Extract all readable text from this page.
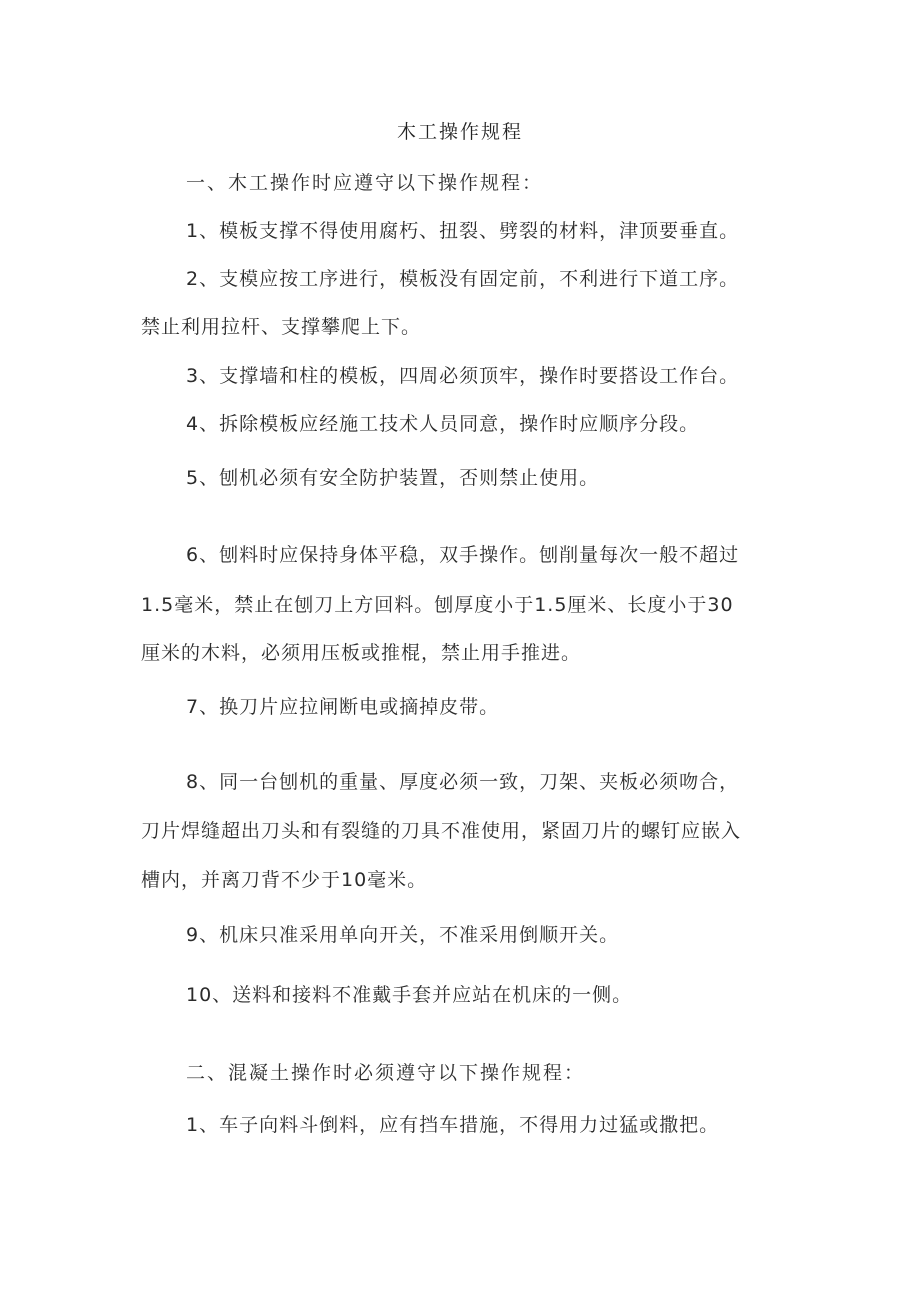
木工操作规程
一、木工操作时应遵守以下操作规程：
1、模板支撑不得使用腐朽、扭裂、劈裂的材料，津顶要垂直。
2、支模应按工序进行，模板没有固定前，不利进行下道工序。
禁止利用拉杆、支撑攀爬上下。
3、支撑墙和柱的模板，四周必须顶牢，操作时要搭设工作台。
4、拆除模板应经施工技术人员同意，操作时应顺序分段。
5、刨机必须有安全防护装置，否则禁止使用。
6、刨料时应保持身体平稳，双手操作。刨削量每次一般不超过
1.5毫米，禁止在刨刀上方回料。刨厚度小于1.5厘米、长度小于30
厘米的木料，必须用压板或推棍，禁止用手推进。
7、换刀片应拉闸断电或摘掉皮带。
8、同一台刨机的重量、厚度必须一致，刀架、夹板必须吻合，
刀片焊缝超出刀头和有裂缝的刀具不准使用，紧固刀片的螺钉应嵌入
槽内，并离刀背不少于10毫米。
9、机床只准采用单向开关，不准采用倒顺开关。
10、送料和接料不准戴手套并应站在机床的一侧。
二、混凝土操作时必须遵守以下操作规程：
1、车子向料斗倒料，应有挡车措施，不得用力过猛或撒把。
